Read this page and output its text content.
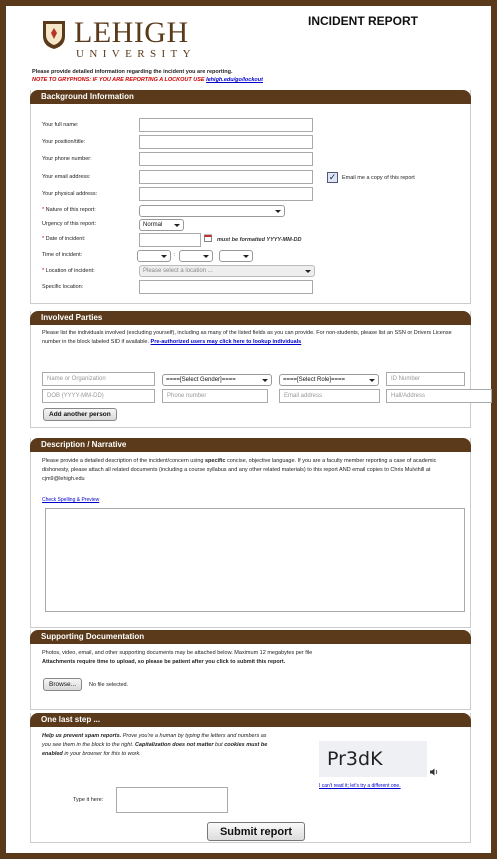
LEHIGH
UNIVERSITY
INCIDENT REPORT
Please provide detailed information regarding the incident you are reporting.
NOTE TO GRYPHONS: IF YOU ARE REPORTING A LOCKOUT USE lehigh.edu/go/lockout
Background Information
Your full name:
Your position/title:
Your phone number:
Your email address:	✓	Email me a copy of this report
Your physical address:
* Nature of this report:
Urgency of this report:	Normal
* Date of incident:	must be formatted YYYY-MM-DD
Time of incident:	:
* Location of incident:	Please select a location ...
Specific location:
Involved Parties
Please list the individuals involved (excluding yourself), including as many of the listed fields as you can provide. For non-students, please list an SSN or Drivers License number in the block labeled SID if available. Pre-authorized users may click here to lookup individuals
Name or Organization	====[Select Gender]====	====[Select Role]====	ID Number
DOB (YYYY-MM-DD)	Phone number	Email address	Hall/Address
Add another person
Description / Narrative
Please provide a detailed description of the incident/concern using specific concise, objective language. If you are a faculty member reporting a case of academic dishonesty, please attach all related documents (including a course syllabus and any other related materials) to this report AND email copies to Chris Mulvihill at cjm9@lehigh.edu
Check Spelling & Preview
Supporting Documentation
Photos, video, email, and other supporting documents may be attached below. Maximum 12 megabytes per file
Attachments require time to upload, so please be patient after you click to submit this report.
Browse...	No file selected.
One last step ...
Help us prevent spam reports. Prove you're a human by typing the letters and numbers as you see them in the block to the right. Capitalization does not matter but cookies must be enabled in your browser for this to work.	Pr3dK
I can't read it; let's try a different one.
Type it here:
Submit report
